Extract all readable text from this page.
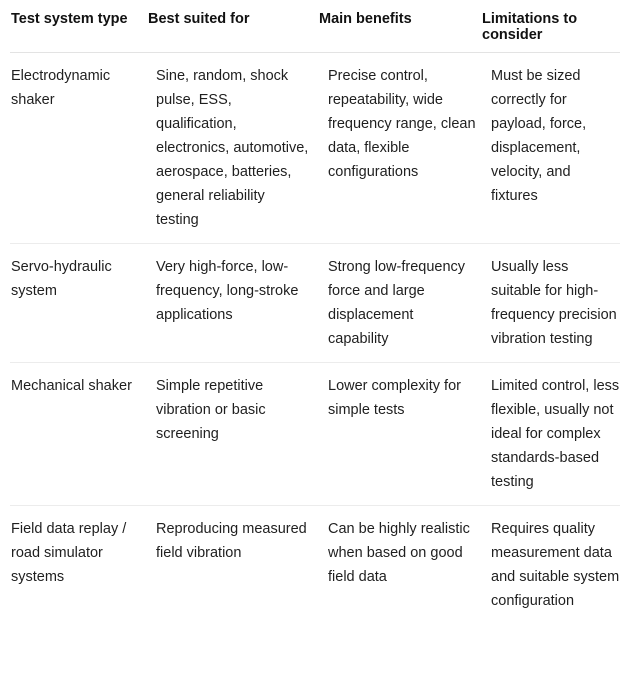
Test system type	Best suited for	Main benefits	Limitations to consider
Electrodynamic shaker	Sine, random, shock pulse, ESS, qualification, electronics, automotive, aerospace, batteries, general reliability testing	Precise control, repeatability, wide frequency range, clean data, flexible configurations	Must be sized correctly for payload, force, displacement, velocity, and fixtures
Servo-hydraulic system	Very high-force, low-frequency, long-stroke applications	Strong low-frequency force and large displacement capability	Usually less suitable for high-frequency precision vibration testing
Mechanical shaker	Simple repetitive vibration or basic screening	Lower complexity for simple tests	Limited control, less flexible, usually not ideal for complex standards-based testing
Field data replay / road simulator systems	Reproducing measured field vibration	Can be highly realistic when based on good field data	Requires quality measurement data and suitable system configuration
